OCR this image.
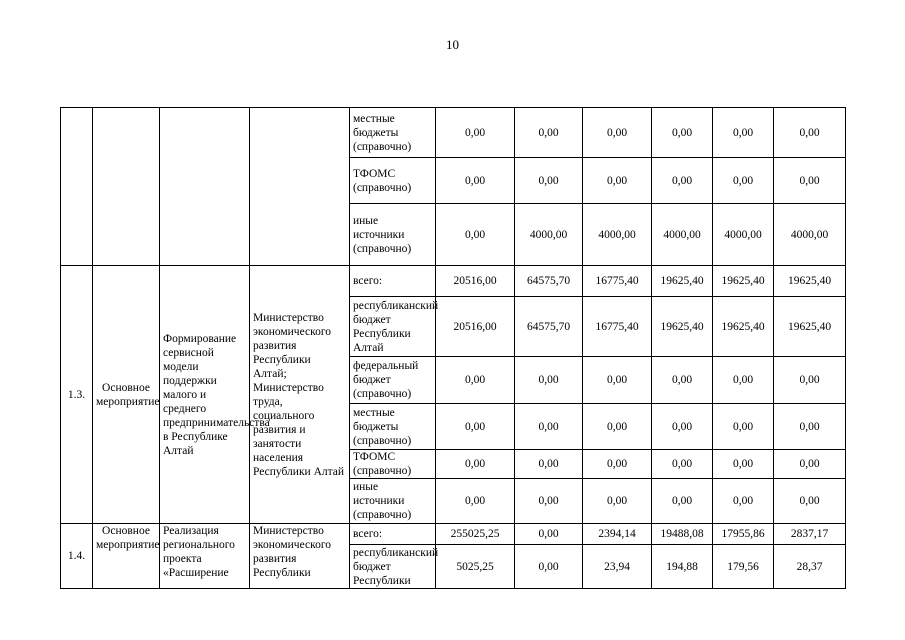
10
				местные бюджеты (справочно)	0,00	0,00	0,00	0,00	0,00	0,00
				ТФОМС (справочно)	0,00	0,00	0,00	0,00	0,00	0,00
				иные источники (справочно)	0,00	4000,00	4000,00	4000,00	4000,00	4000,00
1.3.	Основное мероприятие	Формирование сервисной модели поддержки малого и среднего предпринимательства в Республике Алтай	Министерство экономического развития Республики Алтай; Министерство труда, социального развития и занятости населения Республики Алтай	всего:	20516,00	64575,70	16775,40	19625,40	19625,40	19625,40
				республиканский бюджет Республики Алтай	20516,00	64575,70	16775,40	19625,40	19625,40	19625,40
				федеральный бюджет (справочно)	0,00	0,00	0,00	0,00	0,00	0,00
				местные бюджеты (справочно)	0,00	0,00	0,00	0,00	0,00	0,00
				ТФОМС (справочно)	0,00	0,00	0,00	0,00	0,00	0,00
				иные источники (справочно)	0,00	0,00	0,00	0,00	0,00	0,00
1.4.	Основное мероприятие	Реализация регионального проекта «Расширение	Министерство экономического развития Республики	всего:	255025,25	0,00	2394,14	19488,08	17955,86	2837,17
				республиканский бюджет Республики	5025,25	0,00	23,94	194,88	179,56	28,37
